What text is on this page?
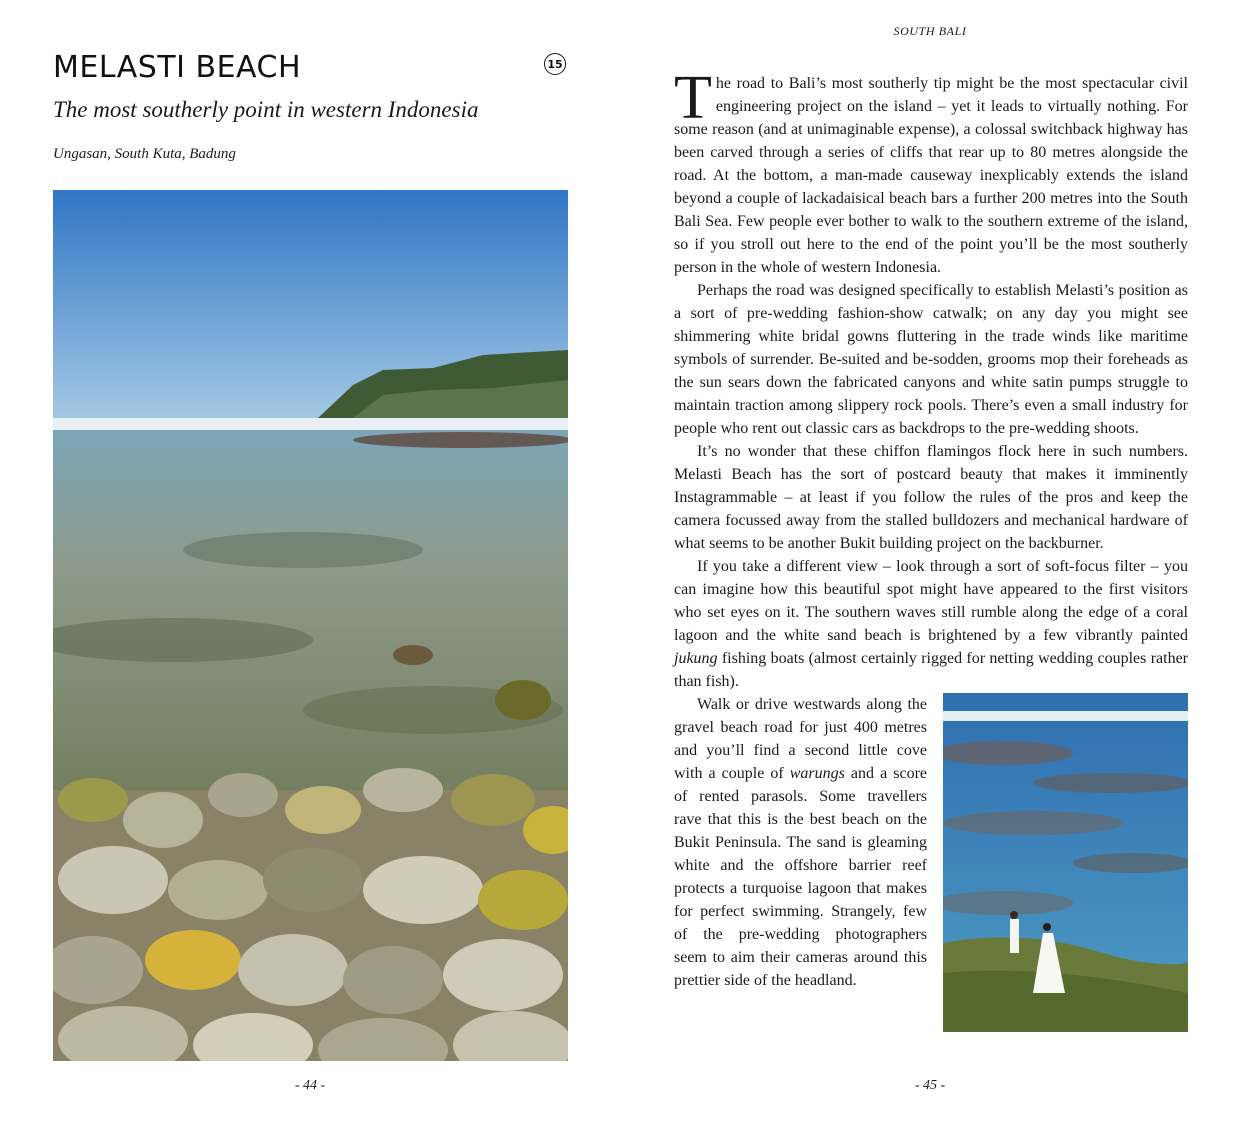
MELASTI BEACH	15
The most southerly point in western Indonesia
Ungasan, South Kuta, Badung
- 44 -
SOUTH BALI

The road to Bali’s most southerly tip might be the most spectacular civil engineering project on the island – yet it leads to virtually nothing. For some reason (and at unimaginable expense), a colossal switchback highway has been carved through a series of cliffs that rear up to 80 metres alongside the road. At the bottom, a man-made causeway inexplicably extends the island beyond a couple of lackadaisical beach bars a further 200 metres into the South Bali Sea. Few people ever bother to walk to the southern extreme of the island, so if you stroll out here to the end of the point you’ll be the most southerly person in the whole of western Indonesia.

Perhaps the road was designed specifically to establish Melasti’s position as a sort of pre-wedding fashion-show catwalk; on any day you might see shimmering white bridal gowns fluttering in the trade winds like maritime symbols of surrender. Be-suited and be-sodden, grooms mop their foreheads as the sun sears down the fabricated canyons and white satin pumps struggle to maintain traction among slippery rock pools. There’s even a small industry for people who rent out classic cars as backdrops to the pre-wedding shoots.

It’s no wonder that these chiffon flamingos flock here in such numbers. Melasti Beach has the sort of postcard beauty that makes it imminently Instagrammable – at least if you follow the rules of the pros and keep the camera focussed away from the stalled bulldozers and mechanical hardware of what seems to be another Bukit building project on the backburner.

If you take a different view – look through a sort of soft-focus filter – you can imagine how this beautiful spot might have appeared to the first visitors who set eyes on it. The southern waves still rumble along the edge of a coral lagoon and the white sand beach is brightened by a few vibrantly painted jukung fishing boats (almost certainly rigged for netting wedding couples rather than fish).

Walk or drive westwards along the gravel beach road for just 400 metres and you’ll find a second little cove with a couple of warungs and a score of rented parasols. Some travellers rave that this is the best beach on the Bukit Peninsula. The sand is gleaming white and the offshore barrier reef protects a turquoise lagoon that makes for perfect swimming. Strangely, few of the pre-wedding photographers seem to aim their cameras around this prettier side of the headland.

- 45 -
